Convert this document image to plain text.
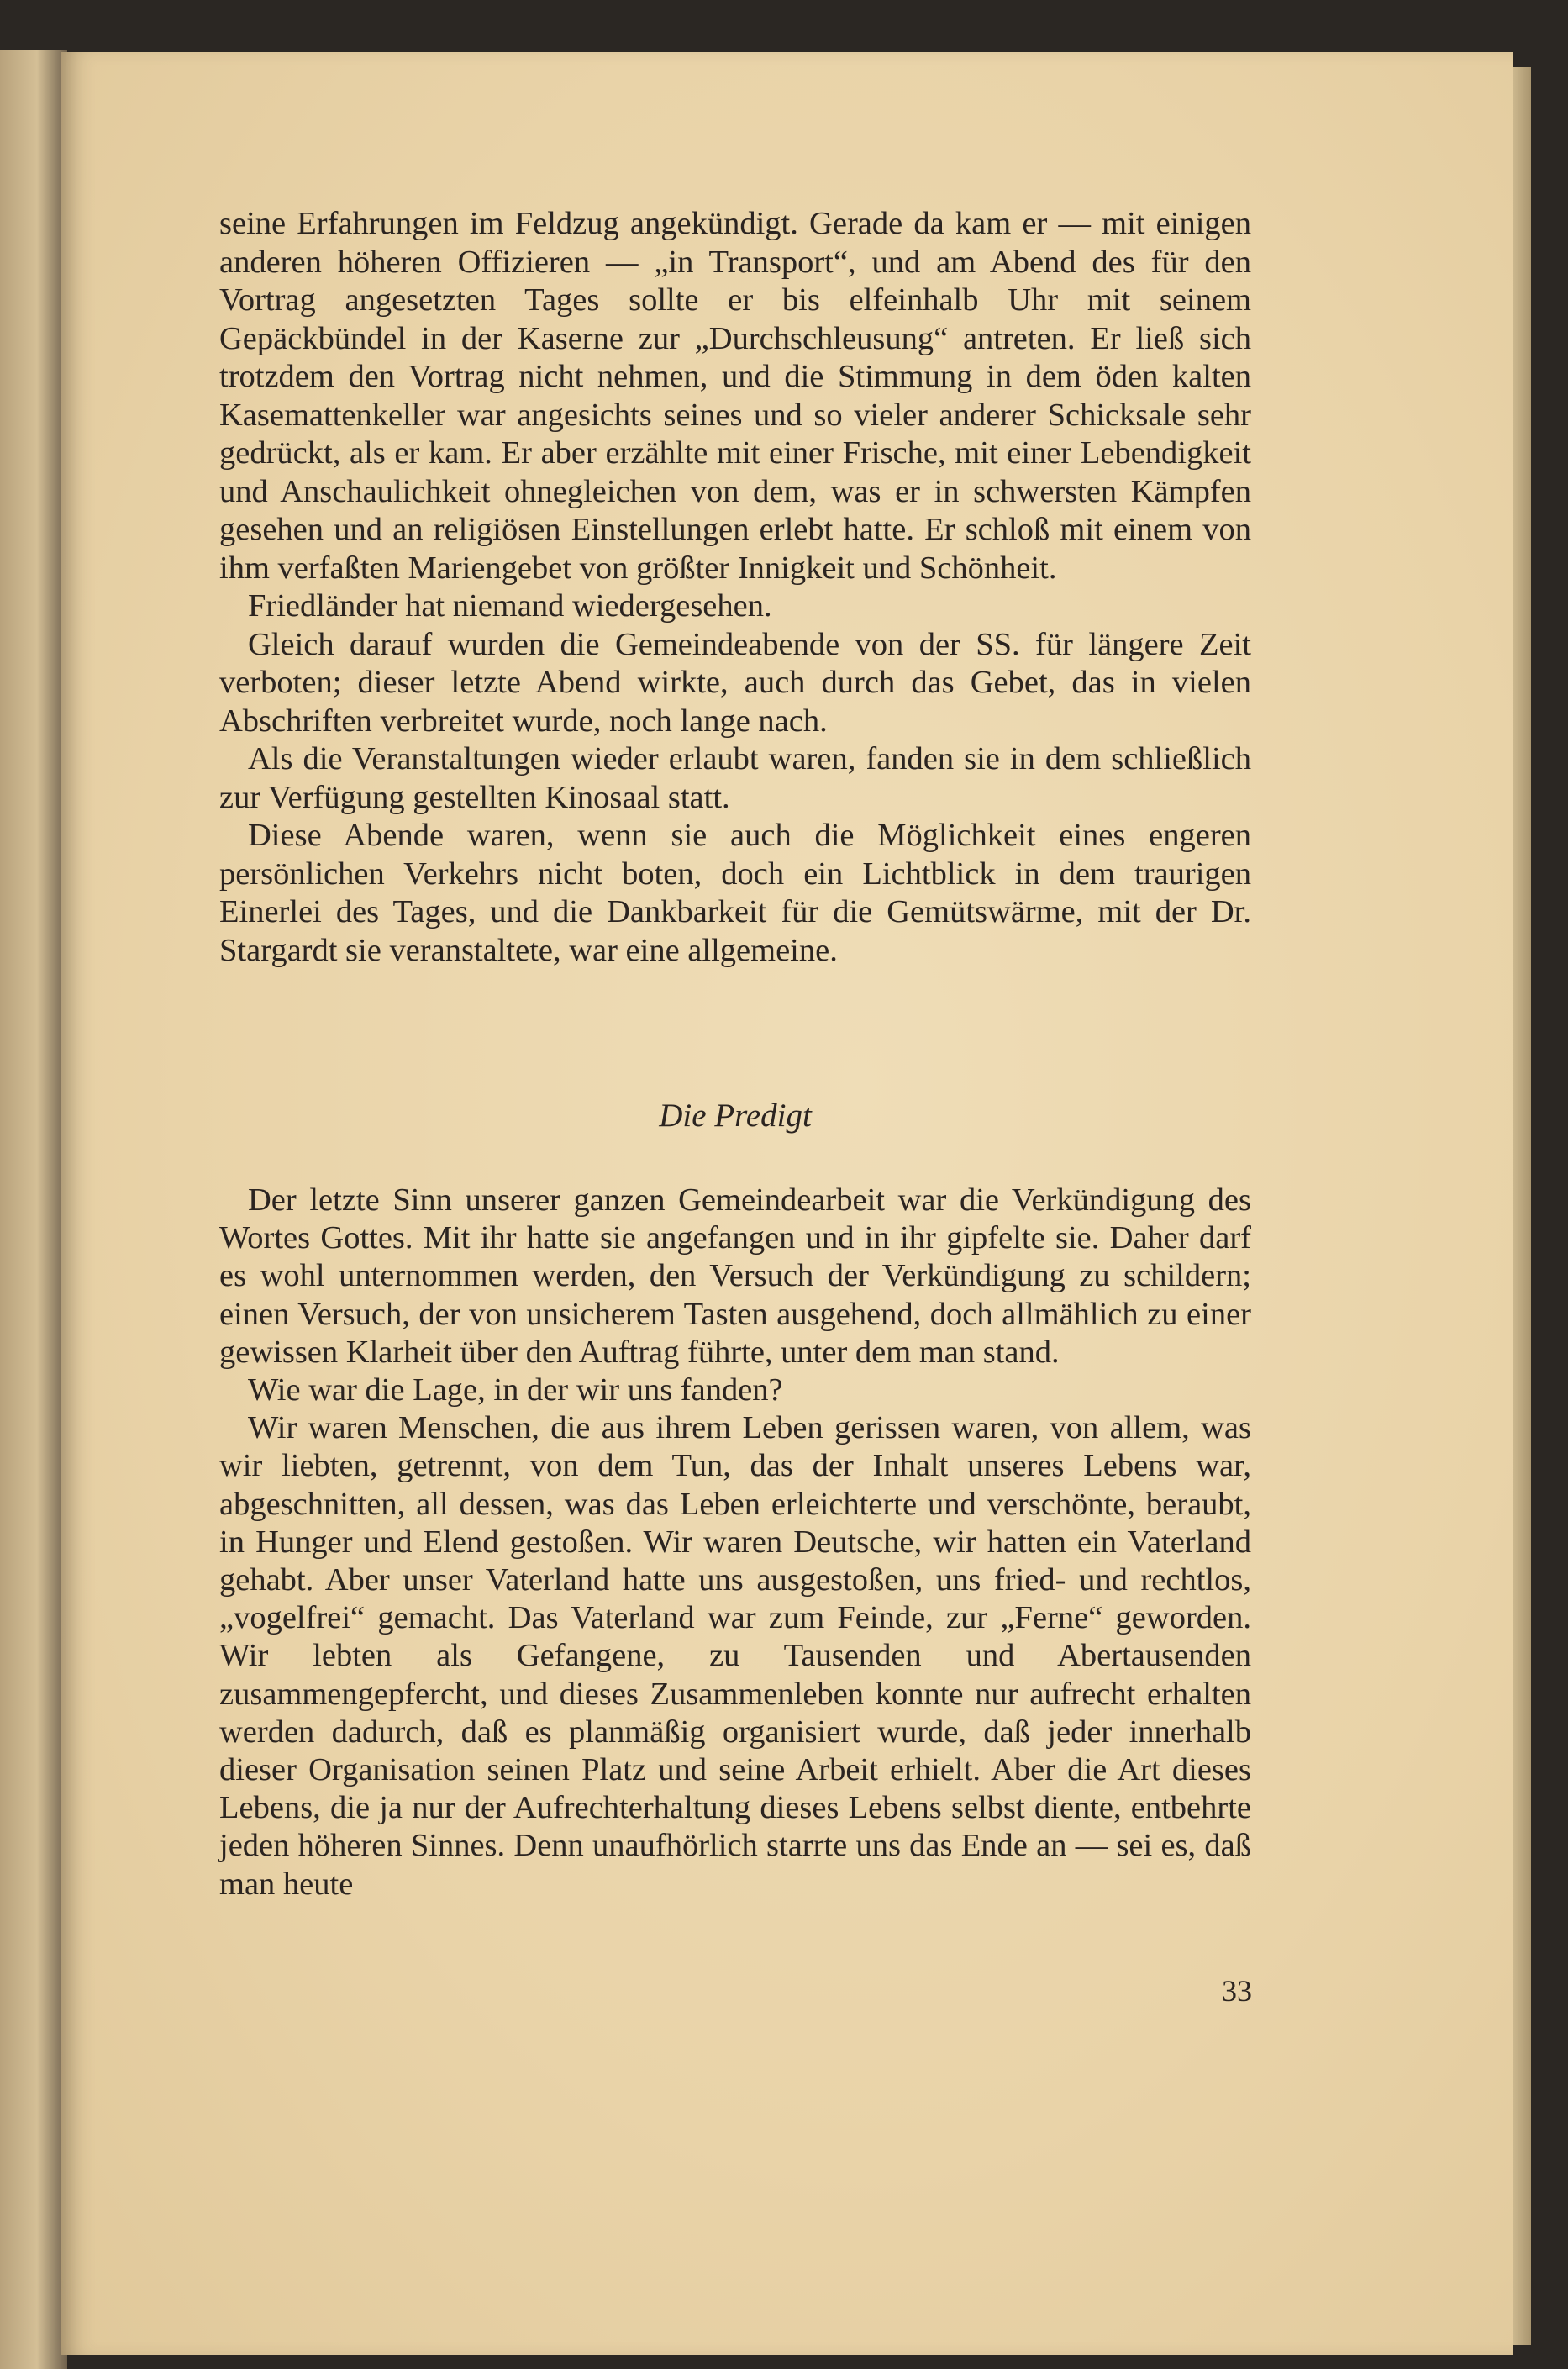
seine Erfahrungen im Feldzug angekündigt. Gerade da kam er — mit einigen anderen höheren Offizieren — „in Transport“, und am Abend des für den Vortrag angesetzten Tages sollte er bis elfeinhalb Uhr mit seinem Gepäckbündel in der Kaserne zur „Durchschleusung“ antreten. Er ließ sich trotzdem den Vortrag nicht nehmen, und die Stimmung in dem öden kalten Kasemattenkeller war angesichts seines und so vieler anderer Schicksale sehr gedrückt, als er kam. Er aber erzählte mit einer Frische, mit einer Lebendigkeit und Anschaulichkeit ohnegleichen von dem, was er in schwersten Kämpfen gesehen und an religiösen Einstellungen erlebt hatte. Er schloß mit einem von ihm verfaßten Mariengebet von größter Innigkeit und Schönheit.

Friedländer hat niemand wiedergesehen.

Gleich darauf wurden die Gemeindeabende von der SS. für längere Zeit verboten; dieser letzte Abend wirkte, auch durch das Gebet, das in vielen Abschriften verbreitet wurde, noch lange nach.

Als die Veranstaltungen wieder erlaubt waren, fanden sie in dem schließlich zur Verfügung gestellten Kinosaal statt.

Diese Abende waren, wenn sie auch die Möglichkeit eines engeren persönlichen Verkehrs nicht boten, doch ein Lichtblick in dem traurigen Einerlei des Tages, und die Dankbarkeit für die Gemütswärme, mit der Dr. Stargardt sie veranstaltete, war eine allgemeine.

Die Predigt

Der letzte Sinn unserer ganzen Gemeindearbeit war die Verkündigung des Wortes Gottes. Mit ihr hatte sie angefangen und in ihr gipfelte sie. Daher darf es wohl unternommen werden, den Versuch der Verkündigung zu schildern; einen Versuch, der von unsicherem Tasten ausgehend, doch allmählich zu einer gewissen Klarheit über den Auftrag führte, unter dem man stand.

Wie war die Lage, in der wir uns fanden?

Wir waren Menschen, die aus ihrem Leben gerissen waren, von allem, was wir liebten, getrennt, von dem Tun, das der Inhalt unseres Lebens war, abgeschnitten, all dessen, was das Leben erleichterte und verschönte, beraubt, in Hunger und Elend gestoßen. Wir waren Deutsche, wir hatten ein Vaterland gehabt. Aber unser Vaterland hatte uns ausgestoßen, uns fried- und rechtlos, „vogelfrei“ gemacht. Das Vaterland war zum Feinde, zur „Ferne“ geworden. Wir lebten als Gefangene, zu Tausenden und Abertausenden zusammengepfercht, und dieses Zusammenleben konnte nur aufrecht erhalten werden dadurch, daß es planmäßig organisiert wurde, daß jeder innerhalb dieser Organisation seinen Platz und seine Arbeit erhielt. Aber die Art dieses Lebens, die ja nur der Aufrechterhaltung dieses Lebens selbst diente, entbehrte jeden höheren Sinnes. Denn unaufhörlich starrte uns das Ende an — sei es, daß man heute

33
